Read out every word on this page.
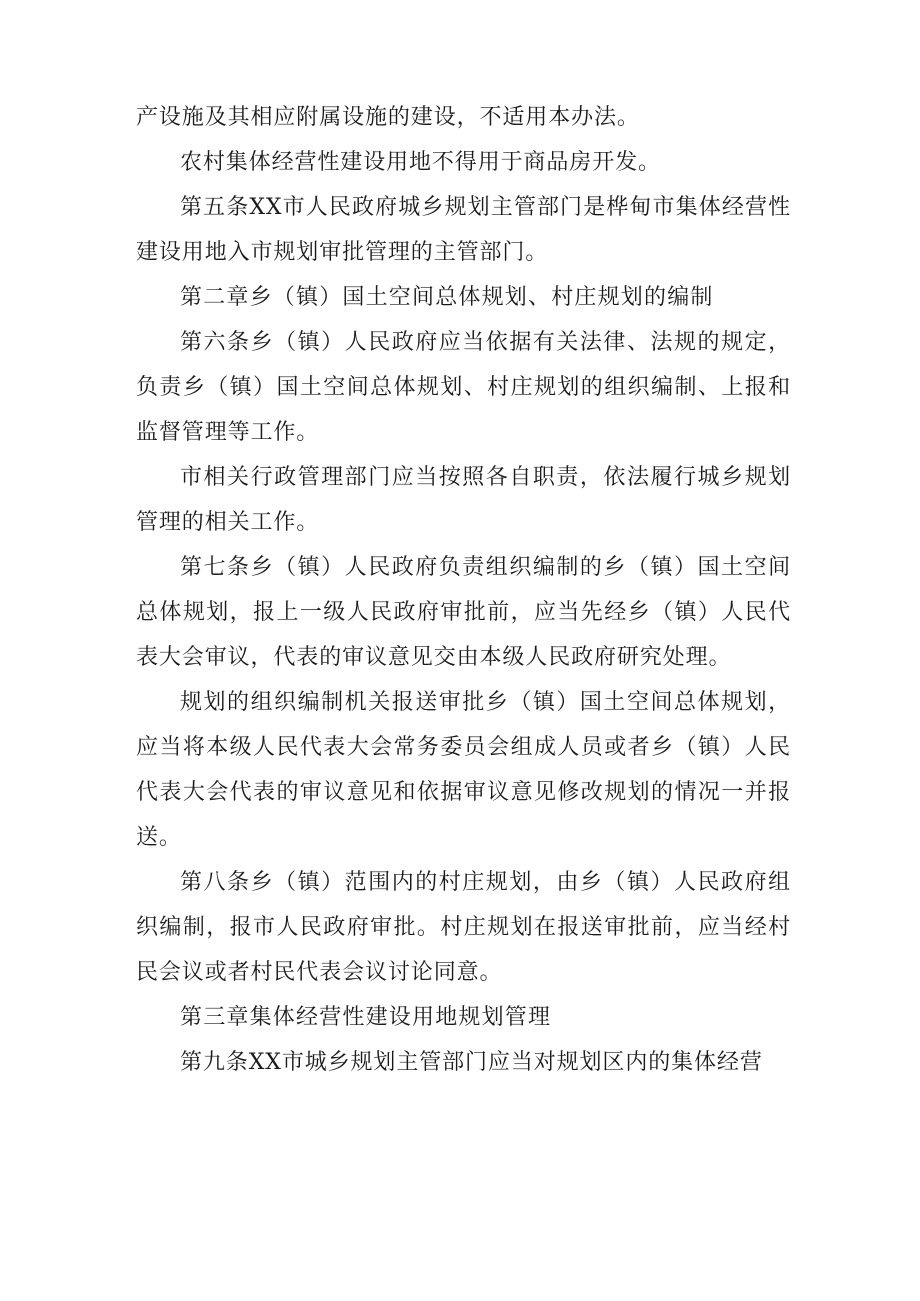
产设施及其相应附属设施的建设，不适用本办法。

农村集体经营性建设用地不得用于商品房开发。

第五条XX市人民政府城乡规划主管部门是桦甸市集体经营性建设用地入市规划审批管理的主管部门。

第二章乡（镇）国土空间总体规划、村庄规划的编制

第六条乡（镇）人民政府应当依据有关法律、法规的规定，负责乡（镇）国土空间总体规划、村庄规划的组织编制、上报和监督管理等工作。

市相关行政管理部门应当按照各自职责，依法履行城乡规划管理的相关工作。

第七条乡（镇）人民政府负责组织编制的乡（镇）国土空间总体规划，报上一级人民政府审批前，应当先经乡（镇）人民代表大会审议，代表的审议意见交由本级人民政府研究处理。

规划的组织编制机关报送审批乡（镇）国土空间总体规划，应当将本级人民代表大会常务委员会组成人员或者乡（镇）人民代表大会代表的审议意见和依据审议意见修改规划的情况一并报送。

第八条乡（镇）范围内的村庄规划，由乡（镇）人民政府组织编制，报市人民政府审批。村庄规划在报送审批前，应当经村民会议或者村民代表会议讨论同意。

第三章集体经营性建设用地规划管理

第九条XX市城乡规划主管部门应当对规划区内的集体经营
